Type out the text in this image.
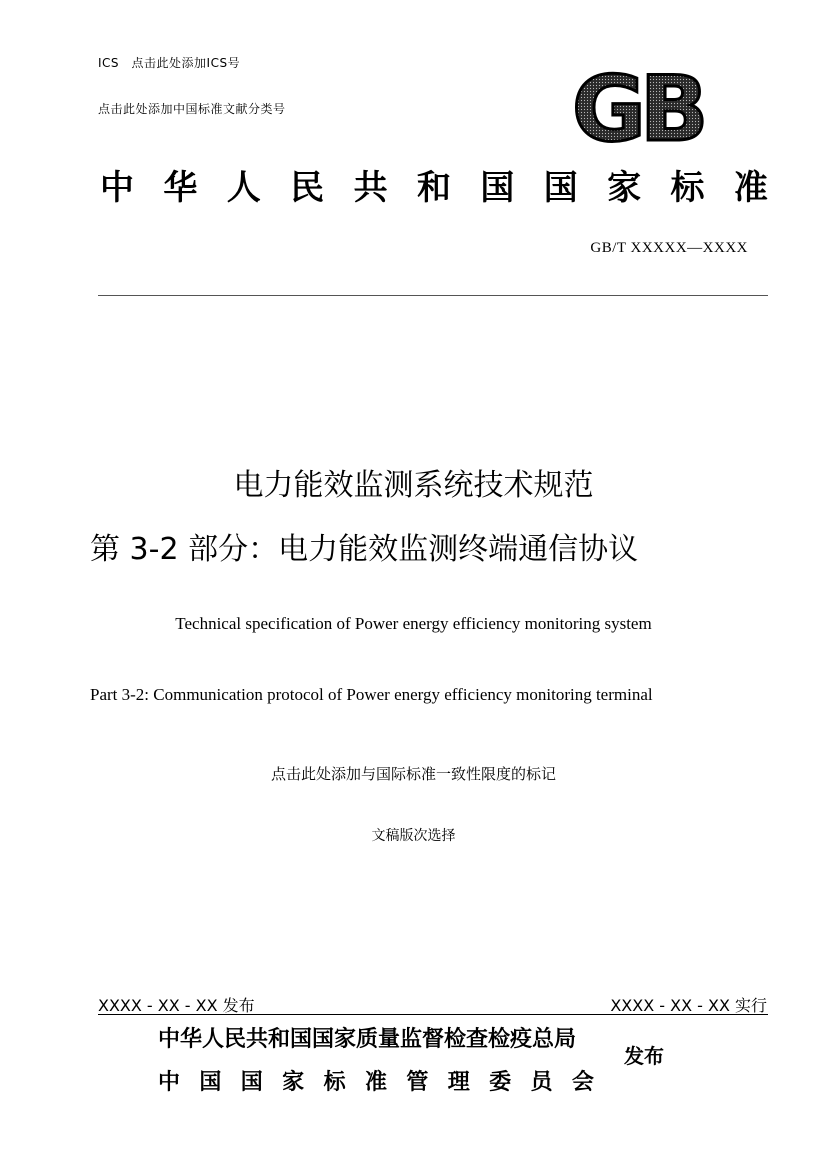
ICS　点击此处添加ICS号
点击此处添加中国标准文献分类号	GB
中 华 人 民 共 和 国 国 家 标 准
GB/T XXXXX—XXXX
电力能效监测系统技术规范
第 3-2 部分：电力能效监测终端通信协议
Technical specification of Power energy efficiency monitoring system
Part 3-2: Communication protocol of Power energy efficiency monitoring terminal
点击此处添加与国际标准一致性限度的标记
文稿版次选择
XXXX - XX - XX 发布	XXXX - XX - XX 实行
中华人民共和国国家质量监督检查检疫总局
中 国 国 家 标 准 管 理 委 员 会
发布
